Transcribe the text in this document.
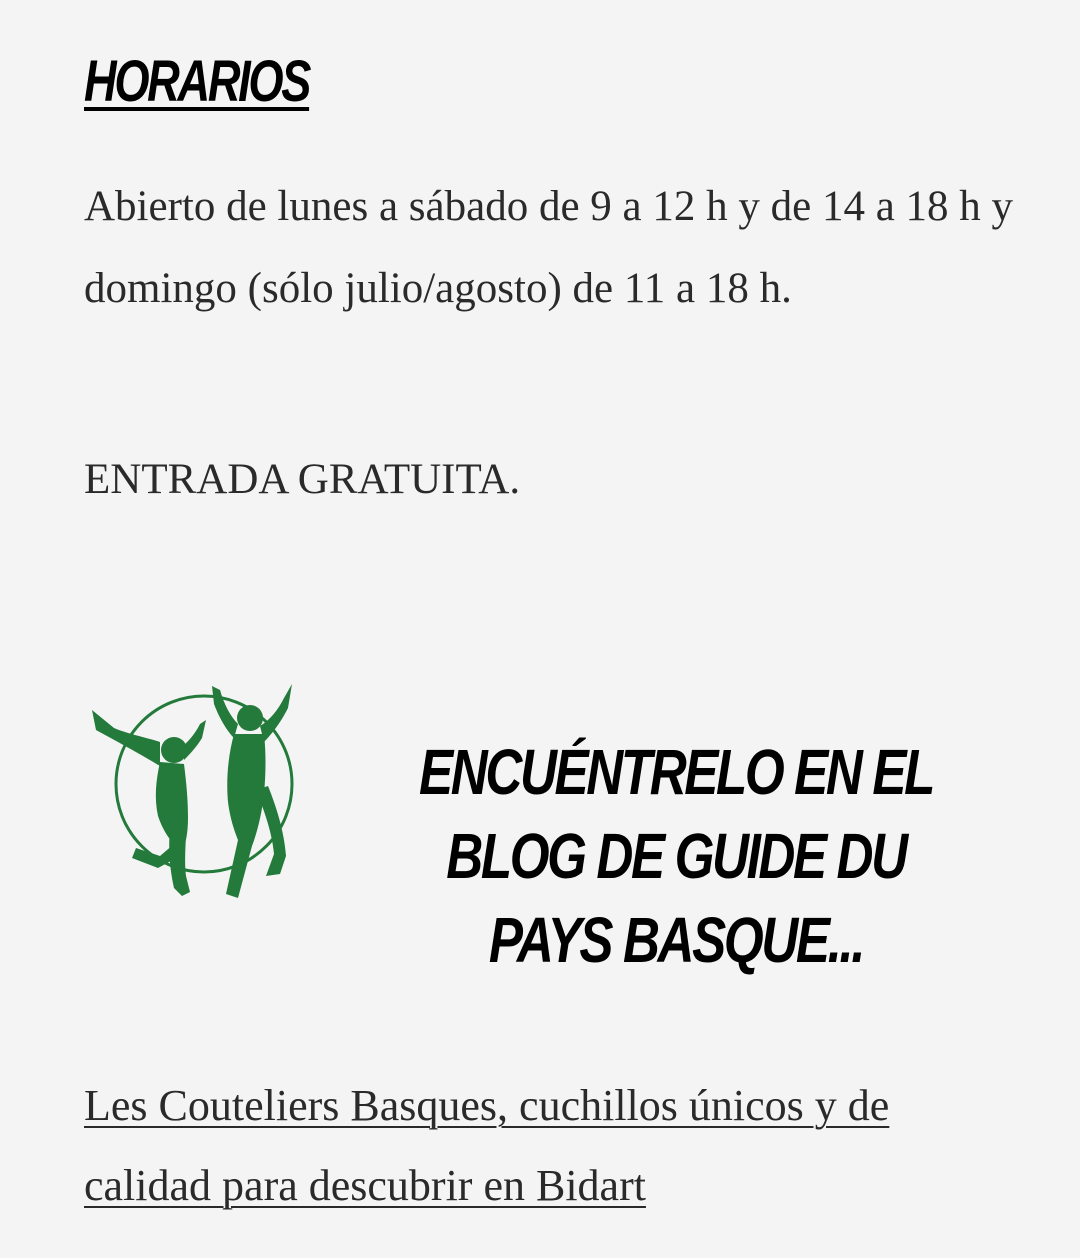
HORARIOS

Abierto de lunes a sábado de 9 a 12 h y de 14 a 18 h y domingo (sólo julio/agosto) de 11 a 18 h.

ENTRADA GRATUITA.

ENCUÉNTRELO EN EL BLOG DE GUIDE DU PAYS BASQUE...
Les Couteliers Basques, cuchillos únicos y de calidad para descubrir en Bidart
